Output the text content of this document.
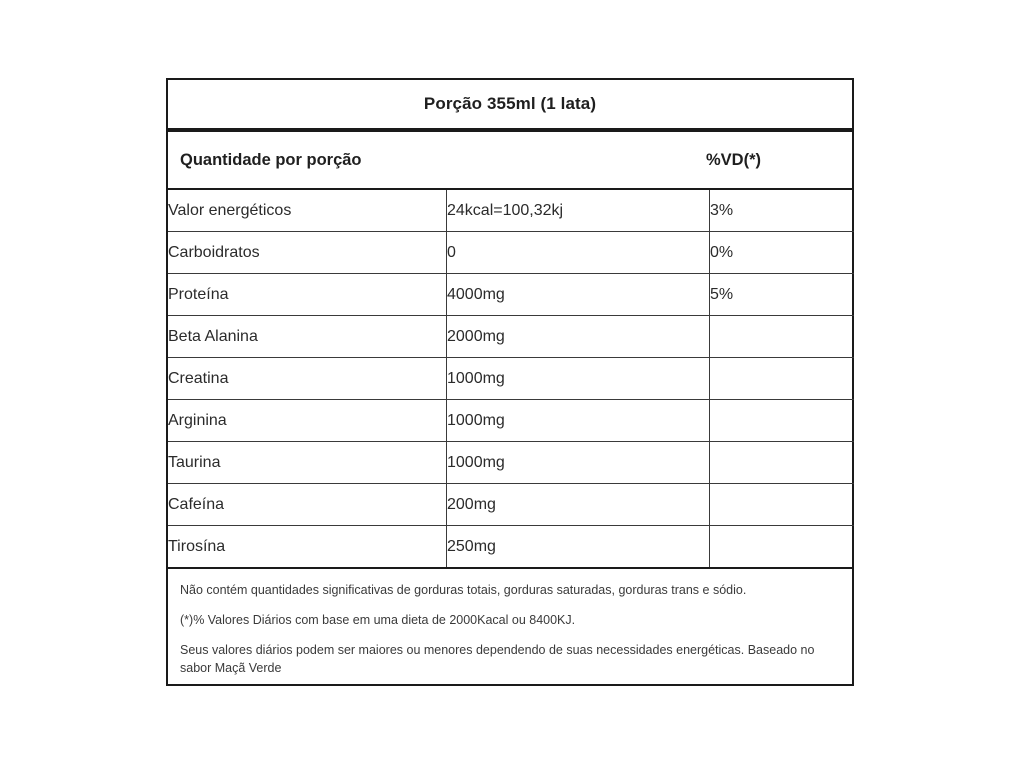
Porção 355ml (1 lata)
Quantidade por porção	%VD(*)
Valor energéticos	24kcal=100,32kj	3%
Carboidratos	0	0%
Proteína	4000mg	5%
Beta Alanina	2000mg	
Creatina	1000mg	
Arginina	1000mg	
Taurina	1000mg	
Cafeína	200mg	
Tirosína	250mg	
Não contém quantidades significativas de gorduras totais, gorduras saturadas, gorduras trans e sódio.
(*)% Valores Diários com base em uma dieta de 2000Kacal ou 8400KJ.
Seus valores diários podem ser maiores ou menores dependendo de suas necessidades energéticas. Baseado no sabor Maçã Verde
